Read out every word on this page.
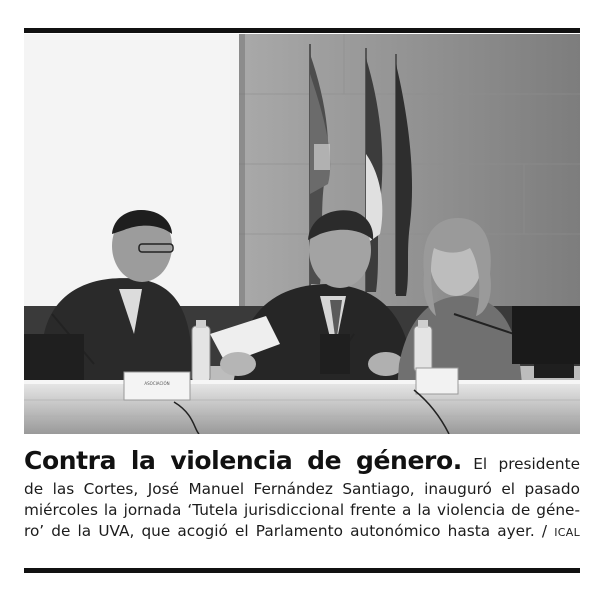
ASOCIACIÓN

Contra la violencia de género. El presidente
de las Cortes, José Manuel Fernández Santiago, inauguró el pasado
miércoles la jornada ‘Tutela jurisdiccional frente a la violencia de géne-
ro’ de la UVA, que acogió el Parlamento autonómico hasta ayer. / ICAL
